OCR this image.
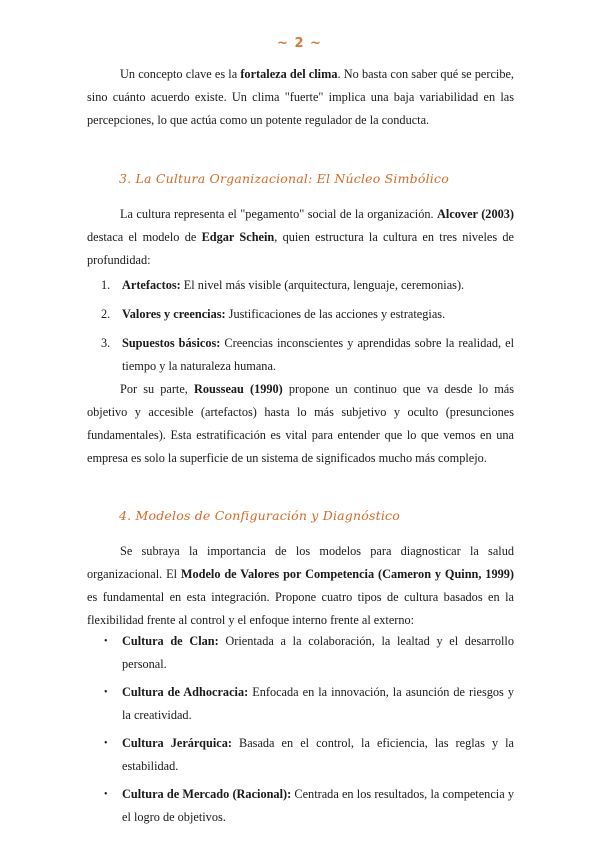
~ 2 ~

Un concepto clave es la fortaleza del clima. No basta con saber qué se percibe, sino cuánto acuerdo existe. Un clima "fuerte" implica una baja variabilidad en las percepciones, lo que actúa como un potente regulador de la conducta.

3. La Cultura Organizacional: El Núcleo Simbólico

La cultura representa el "pegamento" social de la organización. Alcover (2003) destaca el modelo de Edgar Schein, quien estructura la cultura en tres niveles de profundidad:

1. Artefactos: El nivel más visible (arquitectura, lenguaje, ceremonias).
2. Valores y creencias: Justificaciones de las acciones y estrategias.
3. Supuestos básicos: Creencias inconscientes y aprendidas sobre la realidad, el tiempo y la naturaleza humana.

Por su parte, Rousseau (1990) propone un continuo que va desde lo más objetivo y accesible (artefactos) hasta lo más subjetivo y oculto (presunciones fundamentales). Esta estratificación es vital para entender que lo que vemos en una empresa es solo la superficie de un sistema de significados mucho más complejo.

4. Modelos de Configuración y Diagnóstico

Se subraya la importancia de los modelos para diagnosticar la salud organizacional. El Modelo de Valores por Competencia (Cameron y Quinn, 1999) es fundamental en esta integración. Propone cuatro tipos de cultura basados en la flexibilidad frente al control y el enfoque interno frente al externo:

• Cultura de Clan: Orientada a la colaboración, la lealtad y el desarrollo personal.
• Cultura de Adhocracia: Enfocada en la innovación, la asunción de riesgos y la creatividad.
• Cultura Jerárquica: Basada en el control, la eficiencia, las reglas y la estabilidad.
• Cultura de Mercado (Racional): Centrada en los resultados, la competencia y el logro de objetivos.
